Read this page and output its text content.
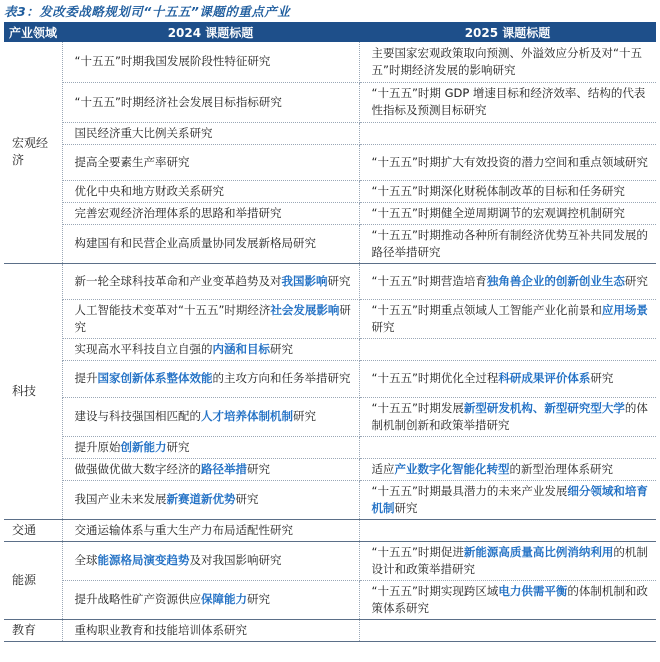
表3：发改委战略规划司“十五五”课题的重点产业
产业领域	2024 课题标题	2025 课题标题
宏观经济	“十五五”时期我国发展阶段性特征研究	主要国家宏观政策取向预测、外溢效应分析及对“十五五”时期经济发展的影响研究
	“十五五”时期经济社会发展目标指标研究	“十五五”时期 GDP 增速目标和经济效率、结构的代表性指标及预测目标研究
	国民经济重大比例关系研究	
	提高全要素生产率研究	“十五五”时期扩大有效投资的潜力空间和重点领域研究
	优化中央和地方财政关系研究	“十五五”时期深化财税体制改革的目标和任务研究
	完善宏观经济治理体系的思路和举措研究	“十五五”时期健全逆周期调节的宏观调控机制研究
	构建国有和民营企业高质量协同发展新格局研究	“十五五”时期推动各种所有制经济优势互补共同发展的路径举措研究
科技	新一轮全球科技革命和产业变革趋势及对我国影响研究	“十五五”时期营造培育独角兽企业的创新创业生态研究
	人工智能技术变革对“十五五”时期经济社会发展影响研究	“十五五”时期重点领域人工智能产业化前景和应用场景研究
	实现高水平科技自立自强的内涵和目标研究	
	提升国家创新体系整体效能的主攻方向和任务举措研究	“十五五”时期优化全过程科研成果评价体系研究
	建设与科技强国相匹配的人才培养体制机制研究	“十五五”时期发展新型研发机构、新型研究型大学的体制机制创新和政策举措研究
	提升原始创新能力研究	
	做强做优做大数字经济的路径举措研究	适应产业数字化智能化转型的新型治理体系研究
	我国产业未来发展新赛道新优势研究	“十五五”时期最具潜力的未来产业发展细分领域和培育机制研究
交通	交通运输体系与重大生产力布局适配性研究	
能源	全球能源格局演变趋势及对我国影响研究	“十五五”时期促进新能源高质量高比例消纳利用的机制设计和政策举措研究
	提升战略性矿产资源供应保障能力研究	“十五五”时期实现跨区域电力供需平衡的体制机制和政策体系研究
教育	重构职业教育和技能培训体系研究	
